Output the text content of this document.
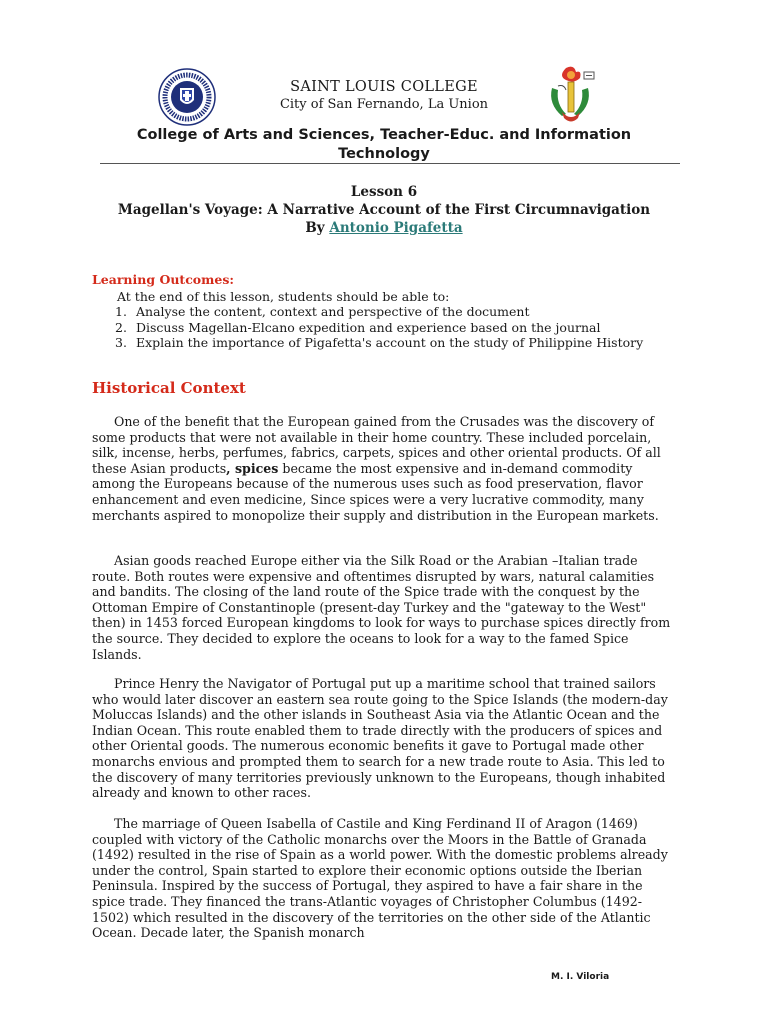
SAINT LOUIS COLLEGE
City of San Fernando, La Union
College of Arts and Sciences, Teacher-Educ. and Information Technology
Lesson 6
Magellan's Voyage: A Narrative Account of the First Circumnavigation
By Antonio Pigafetta
Learning Outcomes:
At the end of this lesson, students should be able to:
1. Analyse the content, context and perspective of the document
2. Discuss Magellan-Elcano expedition and experience based on the journal
3. Explain the importance of Pigafetta's account on the study of Philippine History
Historical Context

One of the benefit that the European gained from the Crusades was the discovery of some products that were not available in their home country. These included porcelain, silk, incense, herbs, perfumes, fabrics, carpets, spices and other oriental products. Of all these Asian products, spices became the most expensive and in-demand commodity among the Europeans because of the numerous uses such as food preservation, flavor enhancement and even medicine, Since spices were a very lucrative commodity, many merchants aspired to monopolize their supply and distribution in the European markets.

Asian goods reached Europe either via the Silk Road or the Arabian –Italian trade route. Both routes were expensive and oftentimes disrupted by wars, natural calamities and bandits. The closing of the land route of the Spice trade with the conquest by the Ottoman Empire of Constantinople (present-day Turkey and the "gateway to the West" then) in 1453 forced European kingdoms to look for ways to purchase spices directly from the source. They decided to explore the oceans to look for a way to the famed Spice Islands.

Prince Henry the Navigator of Portugal put up a maritime school that trained sailors who would later discover an eastern sea route going to the Spice Islands (the modern-day Moluccas Islands) and the other islands in Southeast Asia via the Atlantic Ocean and the Indian Ocean. This route enabled them to trade directly with the producers of spices and other Oriental goods. The numerous economic benefits it gave to Portugal made other monarchs envious and prompted them to search for a new trade route to Asia. This led to the discovery of many territories previously unknown to the Europeans, though inhabited already and known to other races.

The marriage of Queen Isabella of Castile and King Ferdinand II of Aragon (1469) coupled with victory of the Catholic monarchs over the Moors in the Battle of Granada (1492) resulted in the rise of Spain as a world power. With the domestic problems already under the control, Spain started to explore their economic options outside the Iberian Peninsula. Inspired by the success of Portugal, they aspired to have a fair share in the spice trade. They financed the trans-Atlantic voyages of Christopher Columbus (1492- 1502) which resulted in the discovery of the territories on the other side of the Atlantic Ocean. Decade later, the Spanish monarch

M. I. Viloria
